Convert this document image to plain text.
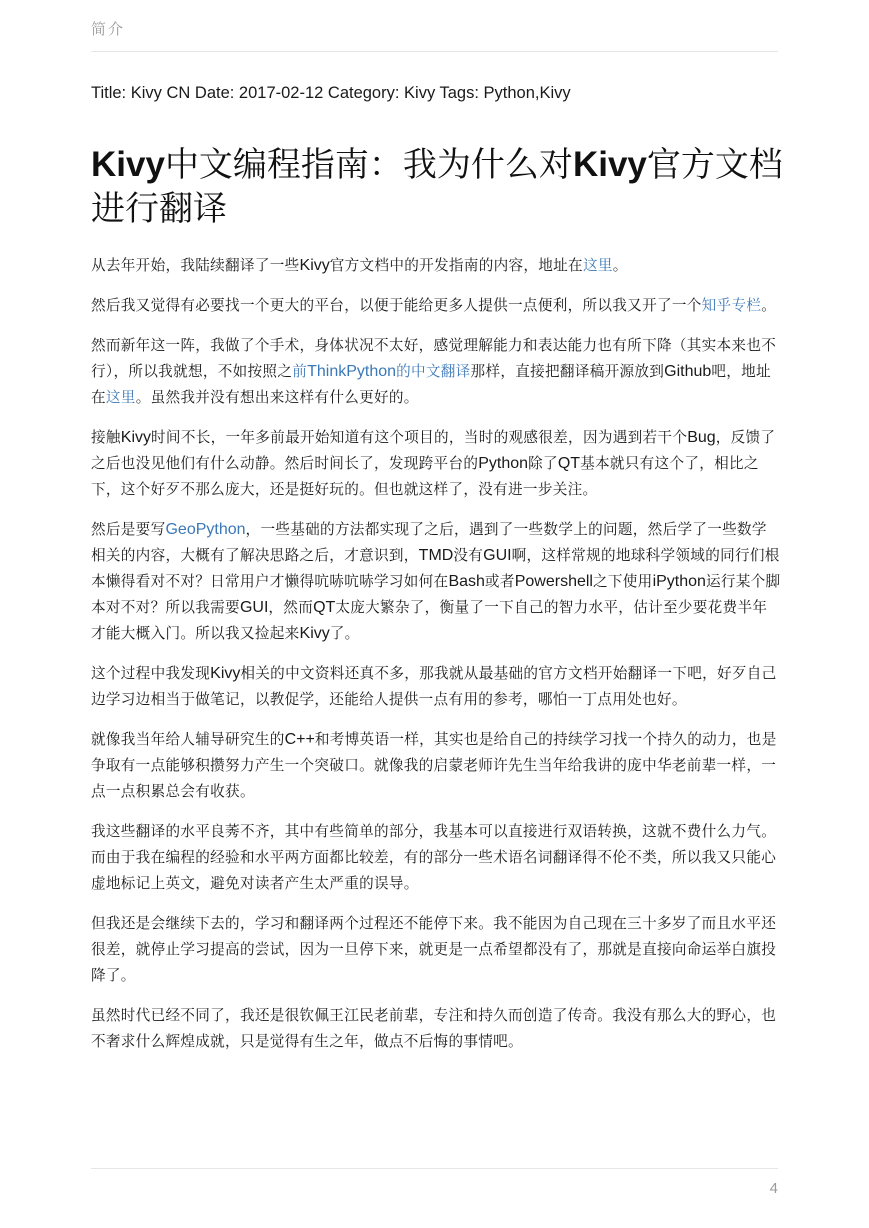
简介
Title: Kivy CN Date: 2017-02-12 Category: Kivy Tags: Python,Kivy
Kivy中文编程指南：我为什么对Kivy官方文档进行翻译

从去年开始，我陆续翻译了一些Kivy官方文档中的开发指南的内容，地址在这里。

然后我又觉得有必要找一个更大的平台，以便于能给更多人提供一点便利，所以我又开了一个知乎专栏。

然而新年这一阵，我做了个手术，身体状况不太好，感觉理解能力和表达能力也有所下降（其实本来也不行），所以我就想，不如按照之前ThinkPython的中文翻译那样，直接把翻译稿开源放到Github吧，地址在这里。虽然我并没有想出来这样有什么更好的。

接触Kivy时间不长，一年多前最开始知道有这个项目的，当时的观感很差，因为遇到若干个Bug，反馈了之后也没见他们有什么动静。然后时间长了，发现跨平台的Python除了QT基本就只有这个了，相比之下，这个好歹不那么庞大，还是挺好玩的。但也就这样了，没有进一步关注。

然后是要写GeoPython，一些基础的方法都实现了之后，遇到了一些数学上的问题，然后学了一些数学相关的内容，大概有了解决思路之后，才意识到，TMD没有GUI啊，这样常规的地球科学领域的同行们根本懒得看对不对？日常用户才懒得吭哧吭哧学习如何在Bash或者Powershell之下使用iPython运行某个脚本对不对？所以我需要GUI，然而QT太庞大繁杂了，衡量了一下自己的智力水平，估计至少要花费半年才能大概入门。所以我又捡起来Kivy了。

这个过程中我发现Kivy相关的中文资料还真不多，那我就从最基础的官方文档开始翻译一下吧，好歹自己边学习边相当于做笔记，以教促学，还能给人提供一点有用的参考，哪怕一丁点用处也好。

就像我当年给人辅导研究生的C++和考博英语一样，其实也是给自己的持续学习找一个持久的动力，也是争取有一点能够积攒努力产生一个突破口。就像我的启蒙老师许先生当年给我讲的庞中华老前辈一样，一点一点积累总会有收获。

我这些翻译的水平良莠不齐，其中有些简单的部分，我基本可以直接进行双语转换，这就不费什么力气。而由于我在编程的经验和水平两方面都比较差，有的部分一些术语名词翻译得不伦不类，所以我又只能心虚地标记上英文，避免对读者产生太严重的误导。

但我还是会继续下去的，学习和翻译两个过程还不能停下来。我不能因为自己现在三十多岁了而且水平还很差，就停止学习提高的尝试，因为一旦停下来，就更是一点希望都没有了，那就是直接向命运举白旗投降了。

虽然时代已经不同了，我还是很钦佩王江民老前辈，专注和持久而创造了传奇。我没有那么大的野心，也不奢求什么辉煌成就，只是觉得有生之年，做点不后悔的事情吧。

4
